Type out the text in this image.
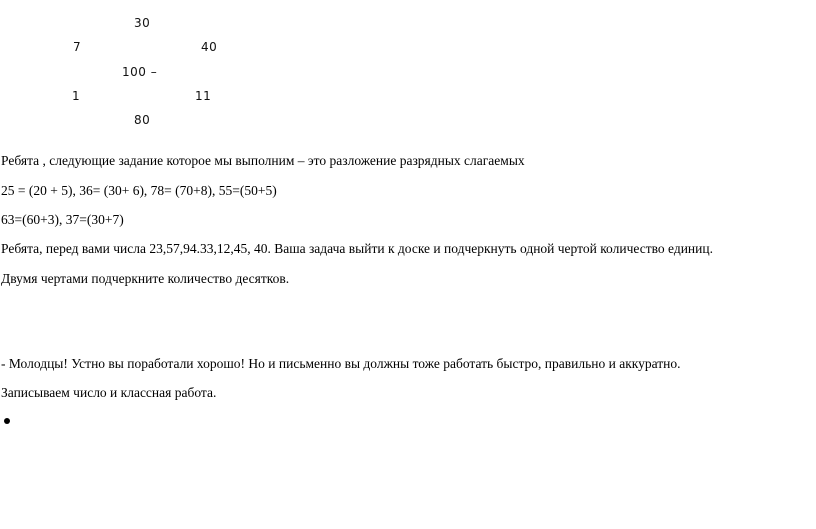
30
7	40
100 –
1	11
80
Ребята , следующие задание которое мы выполним – это разложение разрядных слагаемых
25 = (20 + 5), 36= (30+ 6), 78= (70+8), 55=(50+5)
63=(60+3), 37=(30+7)
Ребята, перед вами числа 23,57,94.33,12,45, 40. Ваша задача выйти к доске и подчеркнуть одной чертой количество единиц.
Двумя чертами подчеркните количество десятков.
- Молодцы! Устно вы поработали хорошо! Но и письменно вы должны тоже работать быстро, правильно и аккуратно.
Записываем число и классная работа.
